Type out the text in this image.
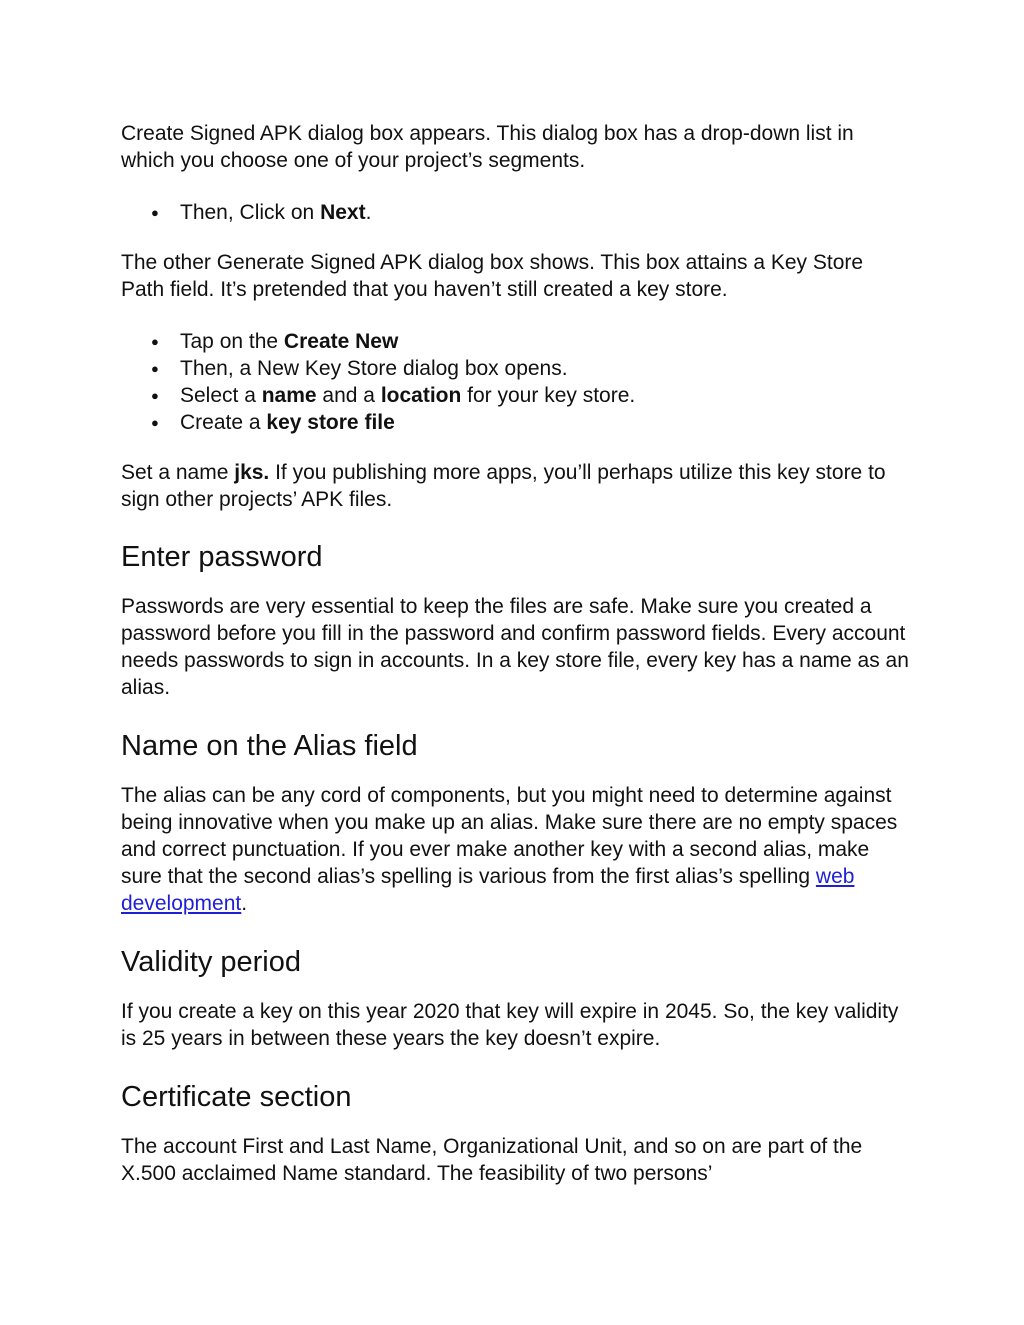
Create Signed APK dialog box appears. This dialog box has a drop-down list in which you choose one of your project’s segments.

● Then, Click on Next.

The other Generate Signed APK dialog box shows. This box attains a Key Store Path field. It’s pretended that you haven’t still created a key store.

● Tap on the Create New
● Then, a New Key Store dialog box opens.
● Select a name and a location for your key store.
● Create a key store file

Set a name jks. If you publishing more apps, you’ll perhaps utilize this key store to sign other projects’ APK files.

Enter password

Passwords are very essential to keep the files are safe. Make sure you created a password before you fill in the password and confirm password fields. Every account needs passwords to sign in accounts. In a key store file, every key has a name as an alias.

Name on the Alias field

The alias can be any cord of components, but you might need to determine against being innovative when you make up an alias. Make sure there are no empty spaces and correct punctuation. If you ever make another key with a second alias, make sure that the second alias’s spelling is various from the first alias’s spelling web development.

Validity period

If you create a key on this year 2020 that key will expire in 2045. So, the key validity is 25 years in between these years the key doesn’t expire.

Certificate section

The account First and Last Name, Organizational Unit, and so on are part of the X.500 acclaimed Name standard. The feasibility of two persons’
